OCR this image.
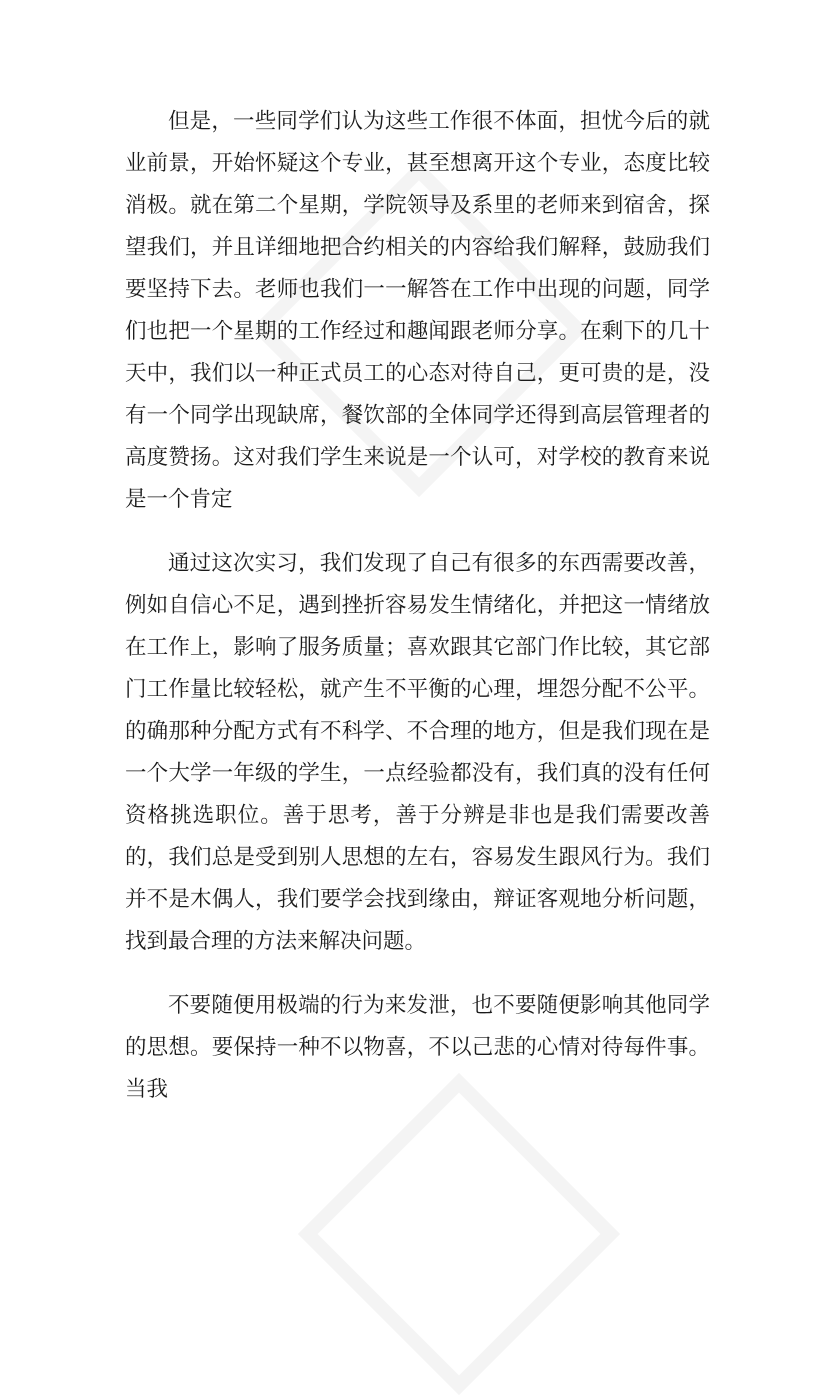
但是，一些同学们认为这些工作很不体面，担忧今后的就业前景，开始怀疑这个专业，甚至想离开这个专业，态度比较消极。就在第二个星期，学院领导及系里的老师来到宿舍，探望我们，并且详细地把合约相关的内容给我们解释，鼓励我们要坚持下去。老师也我们一一解答在工作中出现的问题，同学们也把一个星期的工作经过和趣闻跟老师分享。在剩下的几十天中，我们以一种正式员工的心态对待自己，更可贵的是，没有一个同学出现缺席，餐饮部的全体同学还得到高层管理者的高度赞扬。这对我们学生来说是一个认可，对学校的教育来说是一个肯定

通过这次实习，我们发现了自己有很多的东西需要改善，例如自信心不足，遇到挫折容易发生情绪化，并把这一情绪放在工作上，影响了服务质量；喜欢跟其它部门作比较，其它部门工作量比较轻松，就产生不平衡的心理，埋怨分配不公平。的确那种分配方式有不科学、不合理的地方，但是我们现在是一个大学一年级的学生，一点经验都没有，我们真的没有任何资格挑选职位。善于思考，善于分辨是非也是我们需要改善的，我们总是受到别人思想的左右，容易发生跟风行为。我们并不是木偶人，我们要学会找到缘由，辩证客观地分析问题，找到最合理的方法来解决问题。

不要随便用极端的行为来发泄，也不要随便影响其他同学的思想。要保持一种不以物喜，不以己悲的心情对待每件事。当我
